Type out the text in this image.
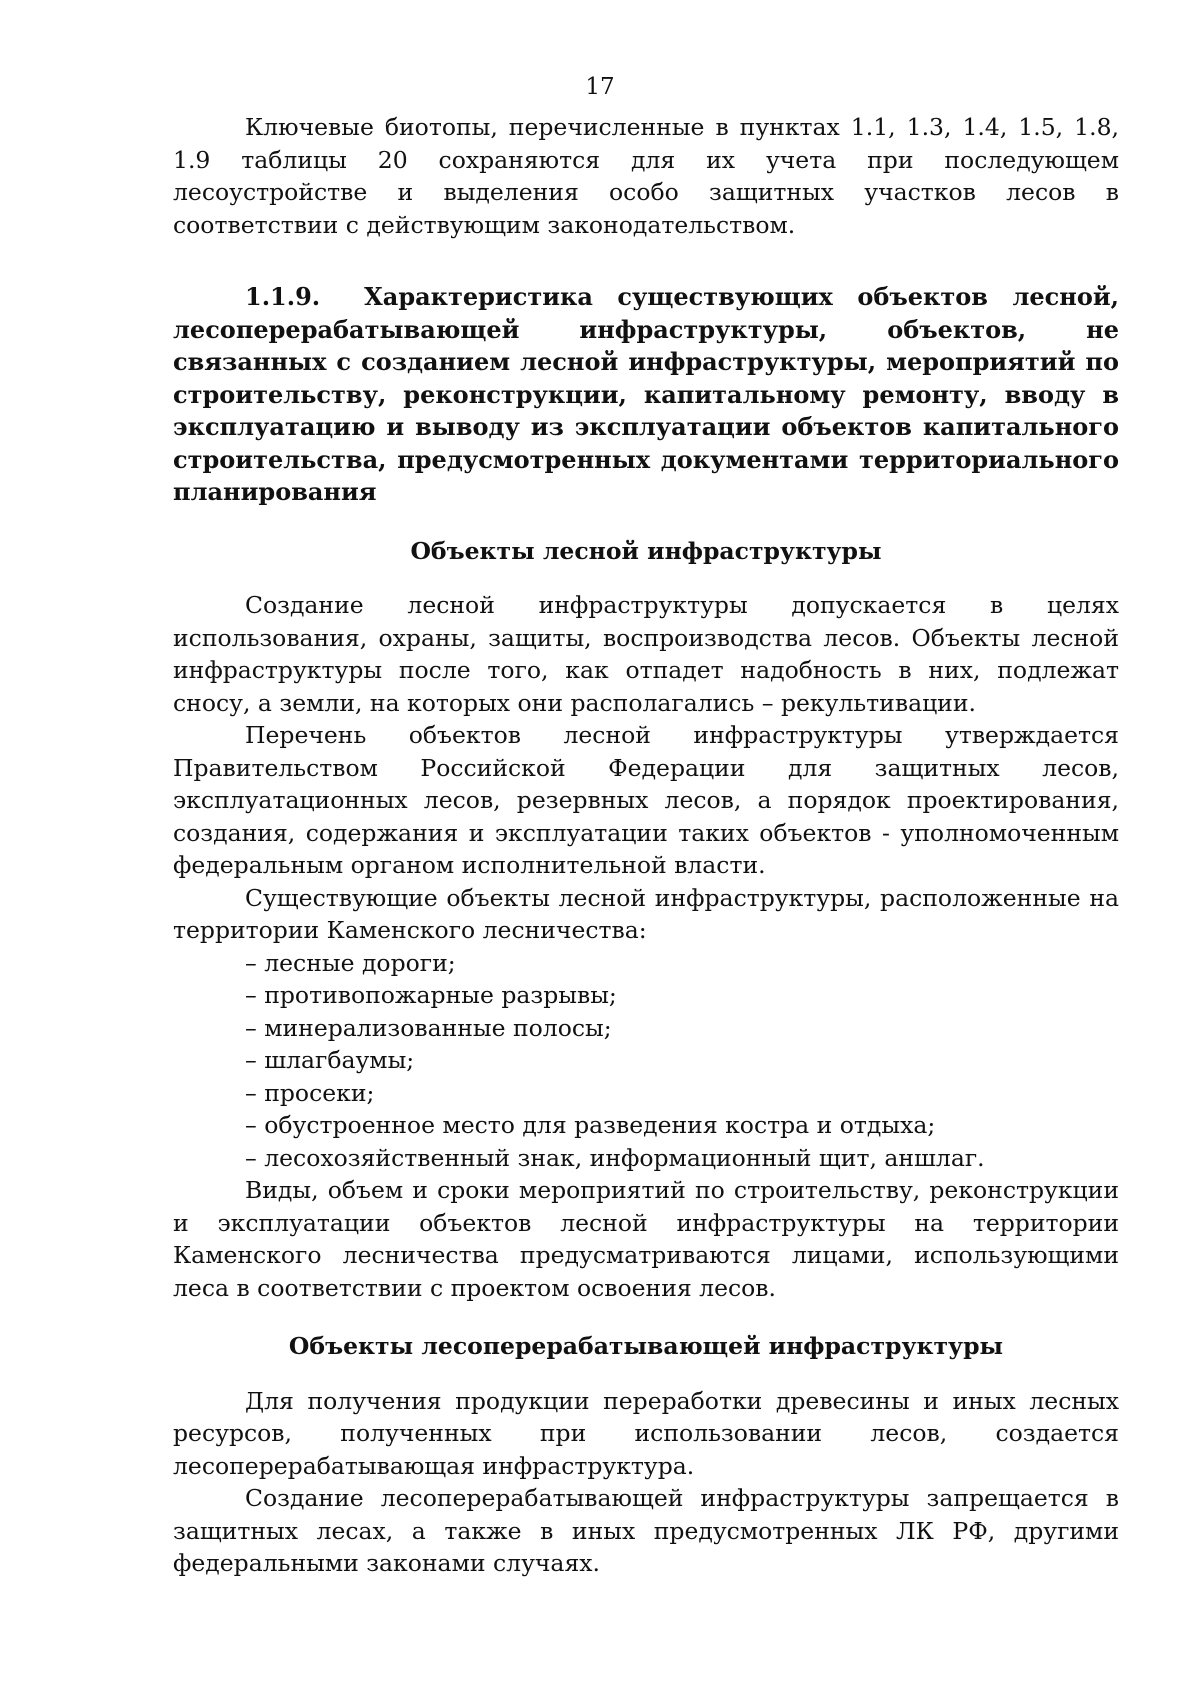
17

Ключевые биотопы, перечисленные в пунктах 1.1, 1.3, 1.4, 1.5, 1.8, 1.9 таблицы 20 сохраняются для их учета при последующем лесоустройстве и выделения особо защитных участков лесов в соответствии с действующим законодательством.

1.1.9. Характеристика существующих объектов лесной, лесоперерабатывающей инфраструктуры, объектов, не связанных с созданием лесной инфраструктуры, мероприятий по строительству, реконструкции, капитальному ремонту, вводу в эксплуатацию и выводу из эксплуатации объектов капитального строительства, предусмотренных документами территориального планирования

Объекты лесной инфраструктуры

Создание лесной инфраструктуры допускается в целях использования, охраны, защиты, воспроизводства лесов. Объекты лесной инфраструктуры после того, как отпадет надобность в них, подлежат сносу, а земли, на которых они располагались – рекультивации.

Перечень объектов лесной инфраструктуры утверждается Правительством Российской Федерации для защитных лесов, эксплуатационных лесов, резервных лесов, а порядок проектирования, создания, содержания и эксплуатации таких объектов - уполномоченным федеральным органом исполнительной власти.

Существующие объекты лесной инфраструктуры, расположенные на территории Каменского лесничества:

– лесные дороги;
– противопожарные разрывы;
– минерализованные полосы;
– шлагбаумы;
– просеки;
– обустроенное место для разведения костра и отдыха;
– лесохозяйственный знак, информационный щит, аншлаг.

Виды, объем и сроки мероприятий по строительству, реконструкции и эксплуатации объектов лесной инфраструктуры на территории Каменского лесничества предусматриваются лицами, использующими леса в соответствии с проектом освоения лесов.

Объекты лесоперерабатывающей инфраструктуры

Для получения продукции переработки древесины и иных лесных ресурсов, полученных при использовании лесов, создается лесоперерабатывающая инфраструктура.

Создание лесоперерабатывающей инфраструктуры запрещается в защитных лесах, а также в иных предусмотренных ЛК РФ, другими федеральными законами случаях.
